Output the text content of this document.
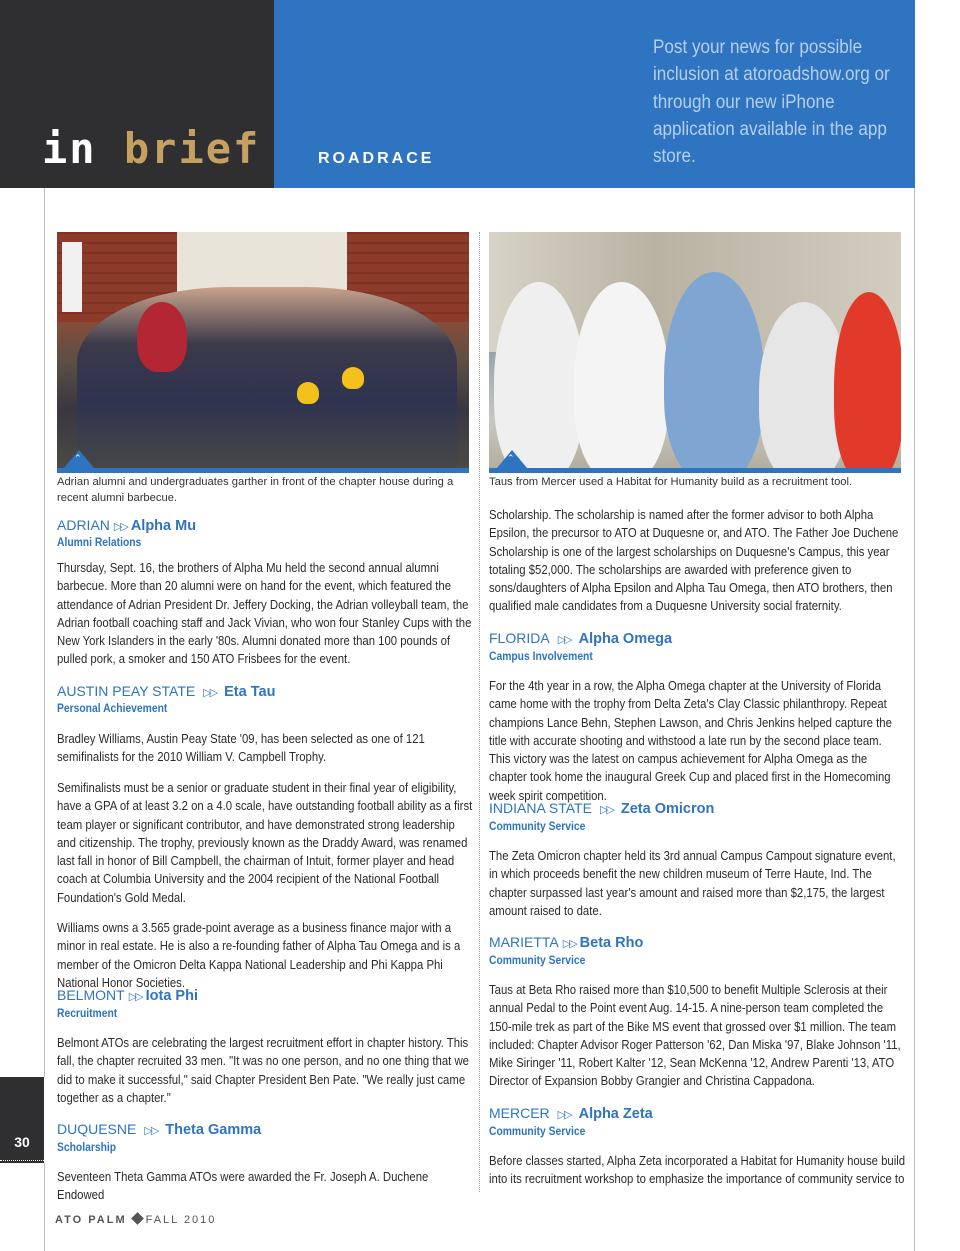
in brief	ROADRACE
Post your news for possible inclusion at atoroadshow.org or through our new iPhone application available in the app store.
30
⌃
⌃
Adrian alumni and undergraduates garther in front of the chapter house during a recent alumni barbecue.
Taus from Mercer used a Habitat for Humanity build as a recruitment tool.
ADRIAN ▷▷ Alpha Mu
Alumni Relations
Thursday, Sept. 16, the brothers of Alpha Mu held the second annual alumni barbecue. More than 20 alumni were on hand for the event, which featured the attendance of Adrian President Dr. Jeffery Docking, the Adrian volleyball team, the Adrian football coaching staff and Jack Vivian, who won four Stanley Cups with the New York Islanders in the early '80s. Alumni donated more than 100 pounds of pulled pork, a smoker and 150 ATO Frisbees for the event.
AUSTIN PEAY STATE ▷▷ Eta Tau
Personal Achievement
Bradley Williams, Austin Peay State '09, has been selected as one of 121 semifinalists for the 2010 William V. Campbell Trophy.
Semifinalists must be a senior or graduate student in their final year of eligibility, have a GPA of at least 3.2 on a 4.0 scale, have outstanding football ability as a first team player or significant contributor, and have demonstrated strong leadership and citizenship. The trophy, previously known as the Draddy Award, was renamed last fall in honor of Bill Campbell, the chairman of Intuit, former player and head coach at Columbia University and the 2004 recipient of the National Football Foundation's Gold Medal.
Williams owns a 3.565 grade-point average as a business finance major with a minor in real estate. He is also a re-founding father of Alpha Tau Omega and is a member of the Omicron Delta Kappa National Leadership and Phi Kappa Phi National Honor Societies.
BELMONT ▷▷ Iota Phi
Recruitment
Belmont ATOs are celebrating the largest recruitment effort in chapter history. This fall, the chapter recruited 33 men. "It was no one person, and no one thing that we did to make it successful," said Chapter President Ben Pate. "We really just came together as a chapter."
DUQUESNE ▷▷ Theta Gamma
Scholarship
Seventeen Theta Gamma ATOs were awarded the Fr. Joseph A. Duchene Endowed
Scholarship. The scholarship is named after the former advisor to both Alpha Epsilon, the precursor to ATO at Duquesne or, and ATO. The Father Joe Duchene Scholarship is one of the largest scholarships on Duquesne's Campus, this year totaling $52,000. The scholarships are awarded with preference given to sons/daughters of Alpha Epsilon and Alpha Tau Omega, then ATO brothers, then qualified male candidates from a Duquesne University social fraternity.
FLORIDA ▷▷ Alpha Omega
Campus Involvement
For the 4th year in a row, the Alpha Omega chapter at the University of Florida came home with the trophy from Delta Zeta's Clay Classic philanthropy. Repeat champions Lance Behn, Stephen Lawson, and Chris Jenkins helped capture the title with accurate shooting and withstood a late run by the second place team. This victory was the latest on campus achievement for Alpha Omega as the chapter took home the inaugural Greek Cup and placed first in the Homecoming week spirit competition.
INDIANA STATE ▷▷ Zeta Omicron
Community Service
The Zeta Omicron chapter held its 3rd annual Campus Campout signature event, in which proceeds benefit the new children museum of Terre Haute, Ind. The chapter surpassed last year's amount and raised more than $2,175, the largest amount raised to date.
MARIETTA ▷▷ Beta Rho
Community Service
Taus at Beta Rho raised more than $10,500 to benefit Multiple Sclerosis at their annual Pedal to the Point event Aug. 14-15. A nine-person team completed the 150-mile trek as part of the Bike MS event that grossed over $1 million. The team included: Chapter Advisor Roger Patterson '62, Dan Miska '97, Blake Johnson '11, Mike Siringer '11, Robert Kalter '12, Sean McKenna '12, Andrew Parenti '13, ATO Director of Expansion Bobby Grangier and Christina Cappadona.
MERCER ▷▷ Alpha Zeta
Community Service
Before classes started, Alpha Zeta incorporated a Habitat for Humanity house build into its recruitment workshop to emphasize the importance of community service to
ATO PALM FALL 2010
